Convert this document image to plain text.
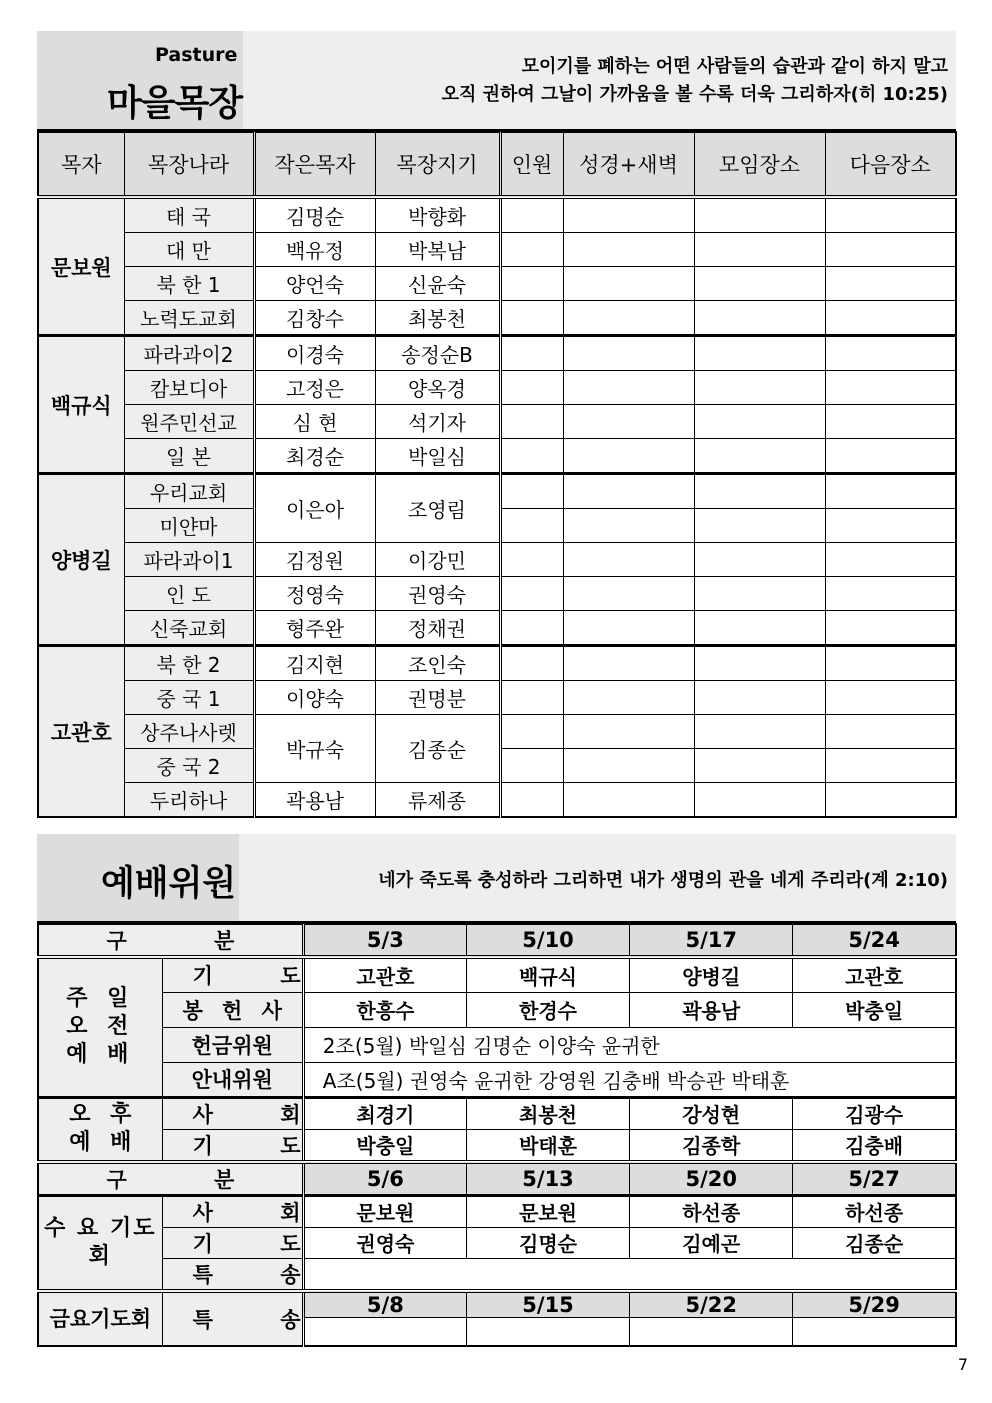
Pasture
마을목장
모이기를 폐하는 어떤 사람들의 습관과 같이 하지 말고
오직 권하여 그날이 가까움을 볼 수록 더욱 그리하자(히 10:25)
목자	목장나라	작은목자	목장지기	인원	성경+새벽	모임장소	다음장소
문보원	태 국	김명순	박향화				
	대 만	백유정	박복남				
	북 한 1	양언숙	신윤숙				
	노력도교회	김창수	최봉천				
백규식	파라과이2	이경숙	송정순B				
	캄보디아	고정은	양옥경				
	원주민선교	심 현	석기자				
	일 본	최경순	박일심				
양병길	우리교회	이은아	조영림				
	미얀마						
	파라과이1	김정원	이강민				
	인 도	정영숙	권영숙				
	신죽교회	형주완	정채권				
고관호	북 한 2	김지현	조인숙				
	중 국 1	이양숙	권명분				
	상주나사렛	박규숙	김종순				
	중 국 2						
	두리하나	곽용남	류제종				
예배위원	네가 죽도록 충성하라 그리하면 내가 생명의 관을 네게 주리라(계 2:10)
구 분		5/3	5/10	5/17	5/24
주 일 오 전 예 배	기 도	고관호	백규식	양병길	고관호
	봉 헌 사	한흥수	한경수	곽용남	박충일
	헌금위원	2조(5월) 박일심 김명순 이양숙 윤귀한			
	안내위원	A조(5월) 권영숙 윤귀한 강영원 김충배 박승관 박태훈			
오 후 예 배	사 회	최경기	최봉천	강성현	김광수
	기 도	박충일	박태훈	김종학	김충배
구 분		5/6	5/13	5/20	5/27
수 요 기도회	사 회	문보원	문보원	하선종	하선종
	기 도	권영숙	김명순	김예곤	김종순
	특 송				
금요기도회	특 송	5/8	5/15	5/22	5/29

7
